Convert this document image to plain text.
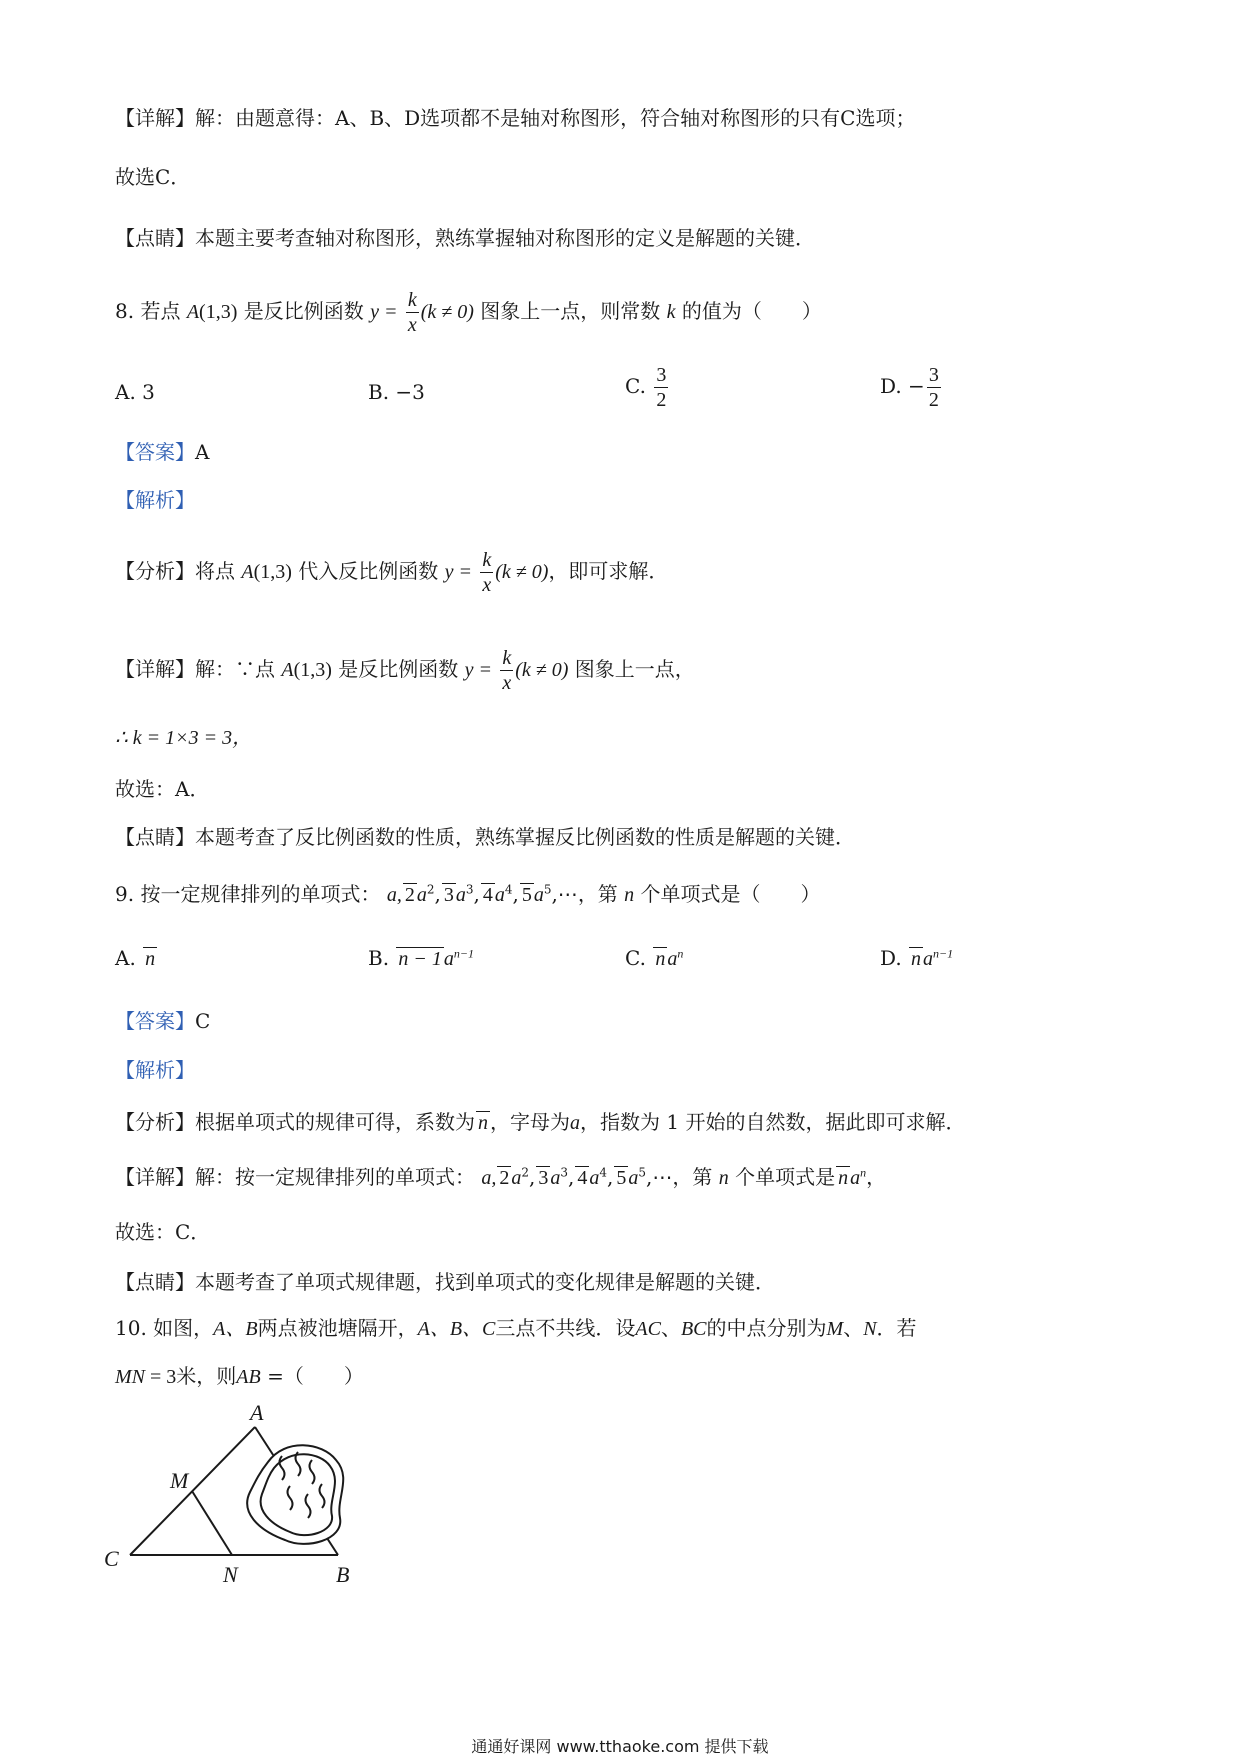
【详解】解：由题意得：A、B、D选项都不是轴对称图形，符合轴对称图形的只有C选项；
故选C．
【点睛】本题主要考查轴对称图形，熟练掌握轴对称图形的定义是解题的关键．
8. 若点 A(1,3) 是反比例函数 $y = \frac{k}{x} (k \ne 0)$ 图象上一点，则常数 k 的值为（　　）
A. 3	B. −3	C. $\frac{3}{2}$	D. − $\frac{3}{2}$
【答案】A
【解析】
【分析】将点 A(1,3) 代入反比例函数 $y = \frac{k}{x} (k \ne 0)$，即可求解．
【详解】解：∵点 A(1,3) 是反比例函数 $y = \frac{k}{x} (k \ne 0)$ 图象上一点，
∴ k = 1×3 = 3，
故选：A．
【点睛】本题考查了反比例函数的性质，熟练掌握反比例函数的性质是解题的关键．
9. 按一定规律排列的单项式： a, 2 $a^2$, 3 $a^3$, 4 $a^4$, 5 $a^5,\cdots$，第 n 个单项式是（　　）
A. n	B. n − 1 $a^{n-1}$	C. n $a^n$	D. n $a^{n-1}$
【答案】C
【解析】
【分析】根据单项式的规律可得，系数为 n ，字母为a，指数为 1 开始的自然数，据此即可求解．
【详解】解：按一定规律排列的单项式： a, 2 $a^2$, 3 $a^3$, 4 $a^4$, 5 $a^5,\cdots$，第 n 个单项式是 n $a^n$，
故选：C．
【点睛】本题考查了单项式规律题，找到单项式的变化规律是解题的关键．
10. 如图，A、B两点被池塘隔开，A、B、C三点不共线．设AC、BC的中点分别为M、N．若
MN = 3米，则AB =（　　）
A
M
C
N	B
通通好课网 www.tthaoke.com 提供下载
